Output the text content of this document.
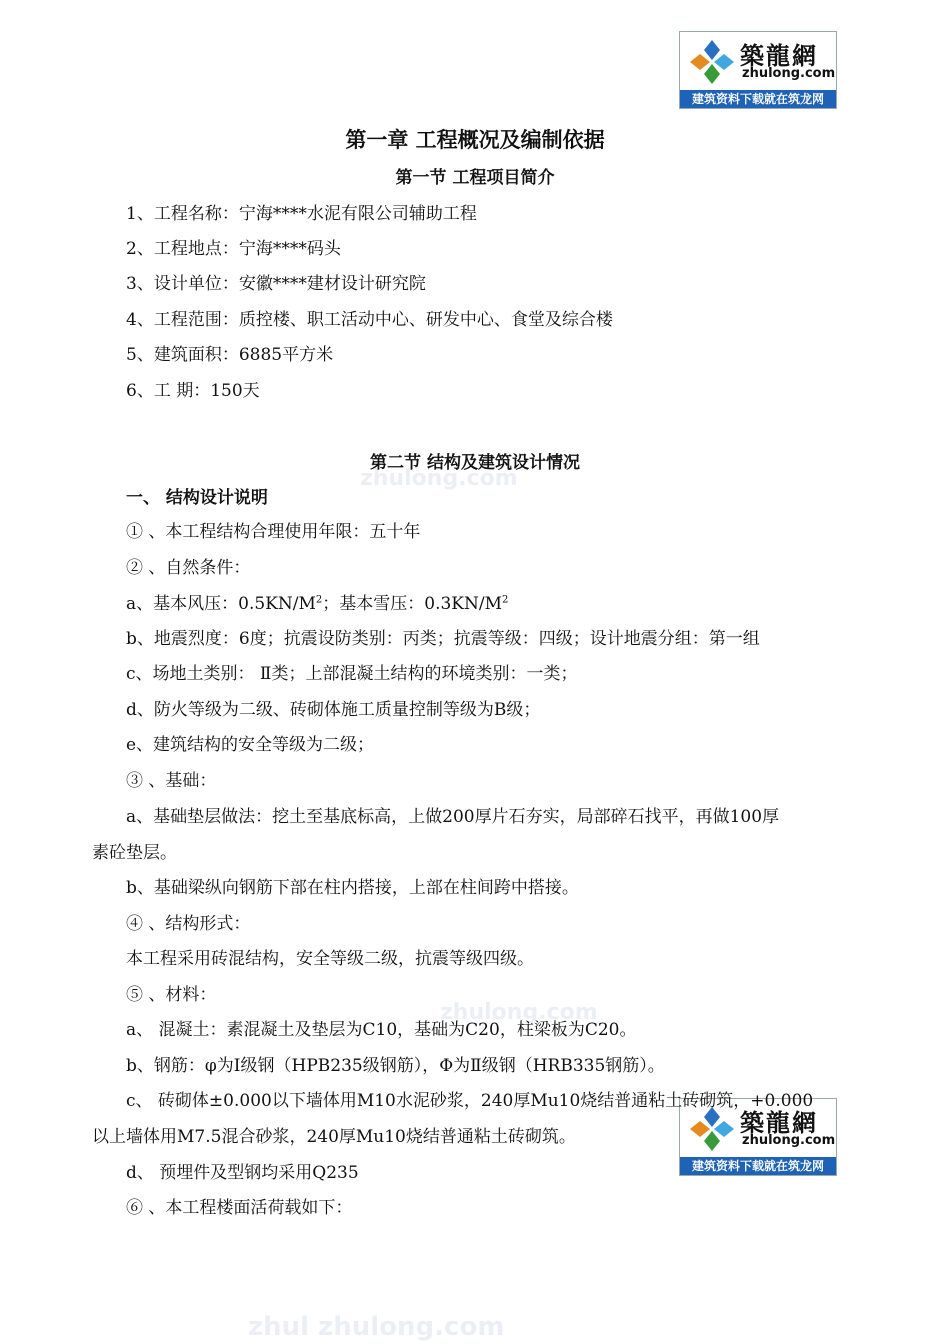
zhulong.com
zhulong.com
zhul zhulong.com
築龍網
zhulong.com
建筑资料下载就在筑龙网
築龍網
zhulong.com
建筑资料下载就在筑龙网
第一章 工程概况及编制依据
第一节 工程项目简介
1、工程名称：宁海****水泥有限公司辅助工程
2、工程地点：宁海****码头
3、设计单位：安徽****建材设计研究院
4、工程范围：质控楼、职工活动中心、研发中心、食堂及综合楼
5、建筑面积：6885平方米
6、工 期：150天
第二节 结构及建筑设计情况
一、 结构设计说明
① 、本工程结构合理使用年限：五十年
② 、自然条件：
a、基本风压：$0.5KN/M^2$；基本雪压：$0.3KN/M^2$
b、地震烈度：6度；抗震设防类别：丙类；抗震等级：四级；设计地震分组：第一组
c、场地土类别： Ⅱ类；上部混凝土结构的环境类别：一类；
d、防火等级为二级、砖砌体施工质量控制等级为B级；
e、建筑结构的安全等级为二级；
③ 、基础：
a、基础垫层做法：挖土至基底标高，上做200厚片石夯实，局部碎石找平，再做100厚
素砼垫层。
b、基础梁纵向钢筋下部在柱内搭接，上部在柱间跨中搭接。
④ 、结构形式：
本工程采用砖混结构，安全等级二级，抗震等级四级。
⑤ 、材料：
a、 混凝土：素混凝土及垫层为C10，基础为C20，柱梁板为C20。
b、钢筋：φ为Ⅰ级钢（HPB235级钢筋），Φ为Ⅱ级钢（HRB335钢筋）。
c、 砖砌体±0.000以下墙体用M10水泥砂浆，240厚Mu10烧结普通粘土砖砌筑，+0.000
以上墙体用M7.5混合砂浆，240厚Mu10烧结普通粘土砖砌筑。
d、 预埋件及型钢均采用Q235
⑥ 、本工程楼面活荷载如下：
